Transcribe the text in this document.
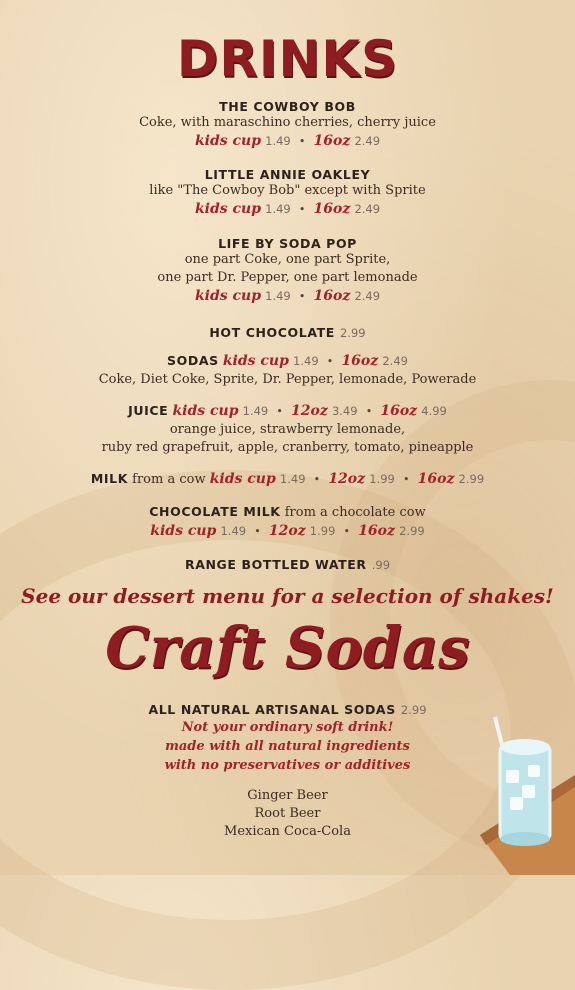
DRINKS
THE COWBOY BOB
Coke, with maraschino cherries, cherry juice
kids cup 1.49 • 16oz 2.49
LITTLE ANNIE OAKLEY
like "The Cowboy Bob" except with Sprite
kids cup 1.49 • 16oz 2.49
LIFE BY SODA POP
one part Coke, one part Sprite,
one part Dr. Pepper, one part lemonade
kids cup 1.49 • 16oz 2.49
HOT CHOCOLATE 2.99
SODAS kids cup 1.49 • 16oz 2.49
Coke, Diet Coke, Sprite, Dr. Pepper, lemonade, Powerade
JUICE kids cup 1.49 • 12oz 3.49 • 16oz 4.99
orange juice, strawberry lemonade,
ruby red grapefruit, apple, cranberry, tomato, pineapple
MILK from a cow kids cup 1.49 • 12oz 1.99 • 16oz 2.99
CHOCOLATE MILK from a chocolate cow
kids cup 1.49 • 12oz 1.99 • 16oz 2.99
RANGE BOTTLED WATER .99
See our dessert menu for a selection of shakes!
Craft Sodas
ALL NATURAL ARTISANAL SODAS 2.99
Not your ordinary soft drink!
made with all natural ingredients
with no preservatives or additives
Ginger Beer
Root Beer
Mexican Coca-Cola
